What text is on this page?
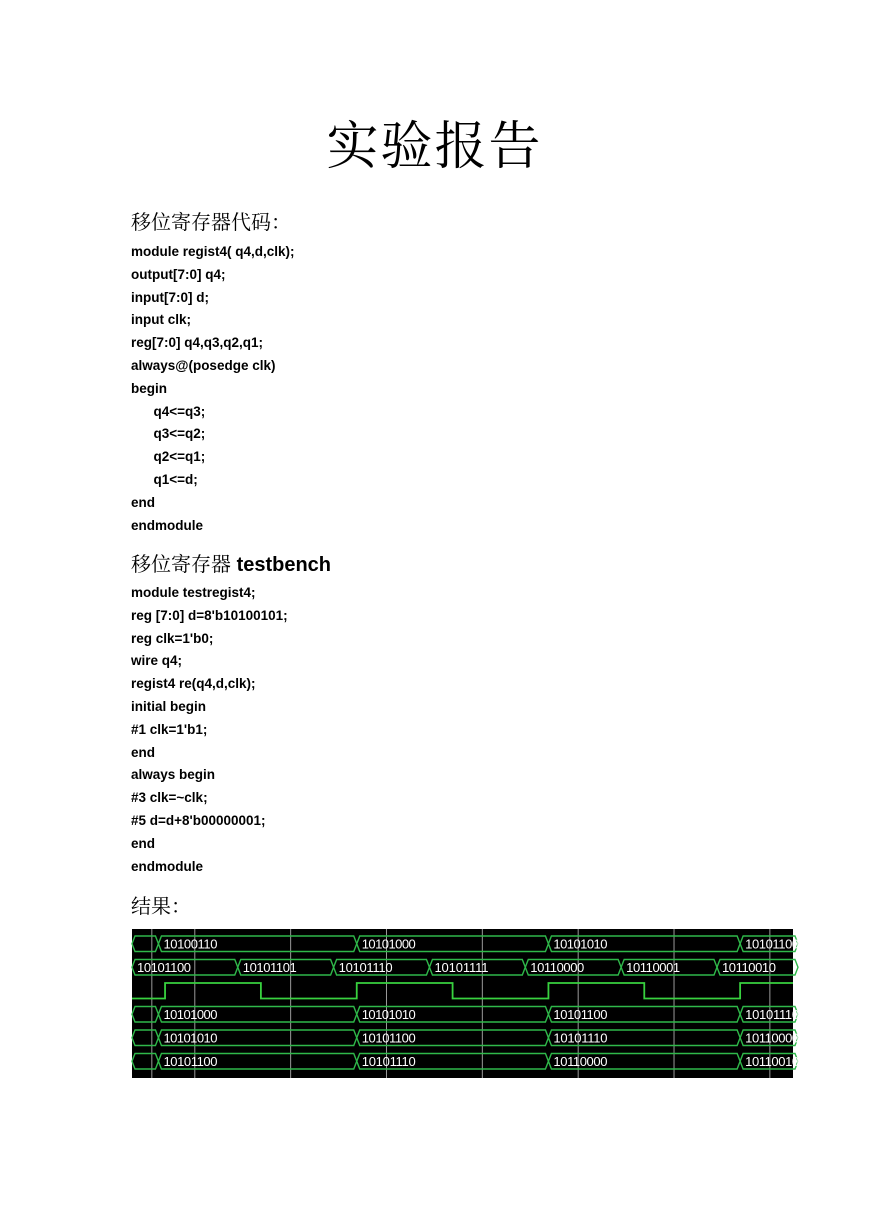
实验报告
移位寄存器代码：
module regist4( q4,d,clk);
output[7:0] q4;
input[7:0] d;
input clk;
reg[7:0] q4,q3,q2,q1;
always@(posedge clk)
begin
q4<=q3;
q3<=q2;
q2<=q1;
q1<=d;
end
endmodule
移位寄存器 testbench
module testregist4;
reg [7:0] d=8'b10100101;
reg clk=1'b0;
wire q4;
regist4 re(q4,d,clk);
initial begin
#1 clk=1'b1;
end
always begin
#3 clk=~clk;
#5 d=d+8'b00000001;
end
endmodule
结果：
10100110	10101000	10101010	10101100
10101100	10101101	10101110	10101111	10110000	10110001	10110010
10101000	10101010	10101100	10101110
10101010	10101100	10101110	10110000
10101100	10101110	10110000	10110010
